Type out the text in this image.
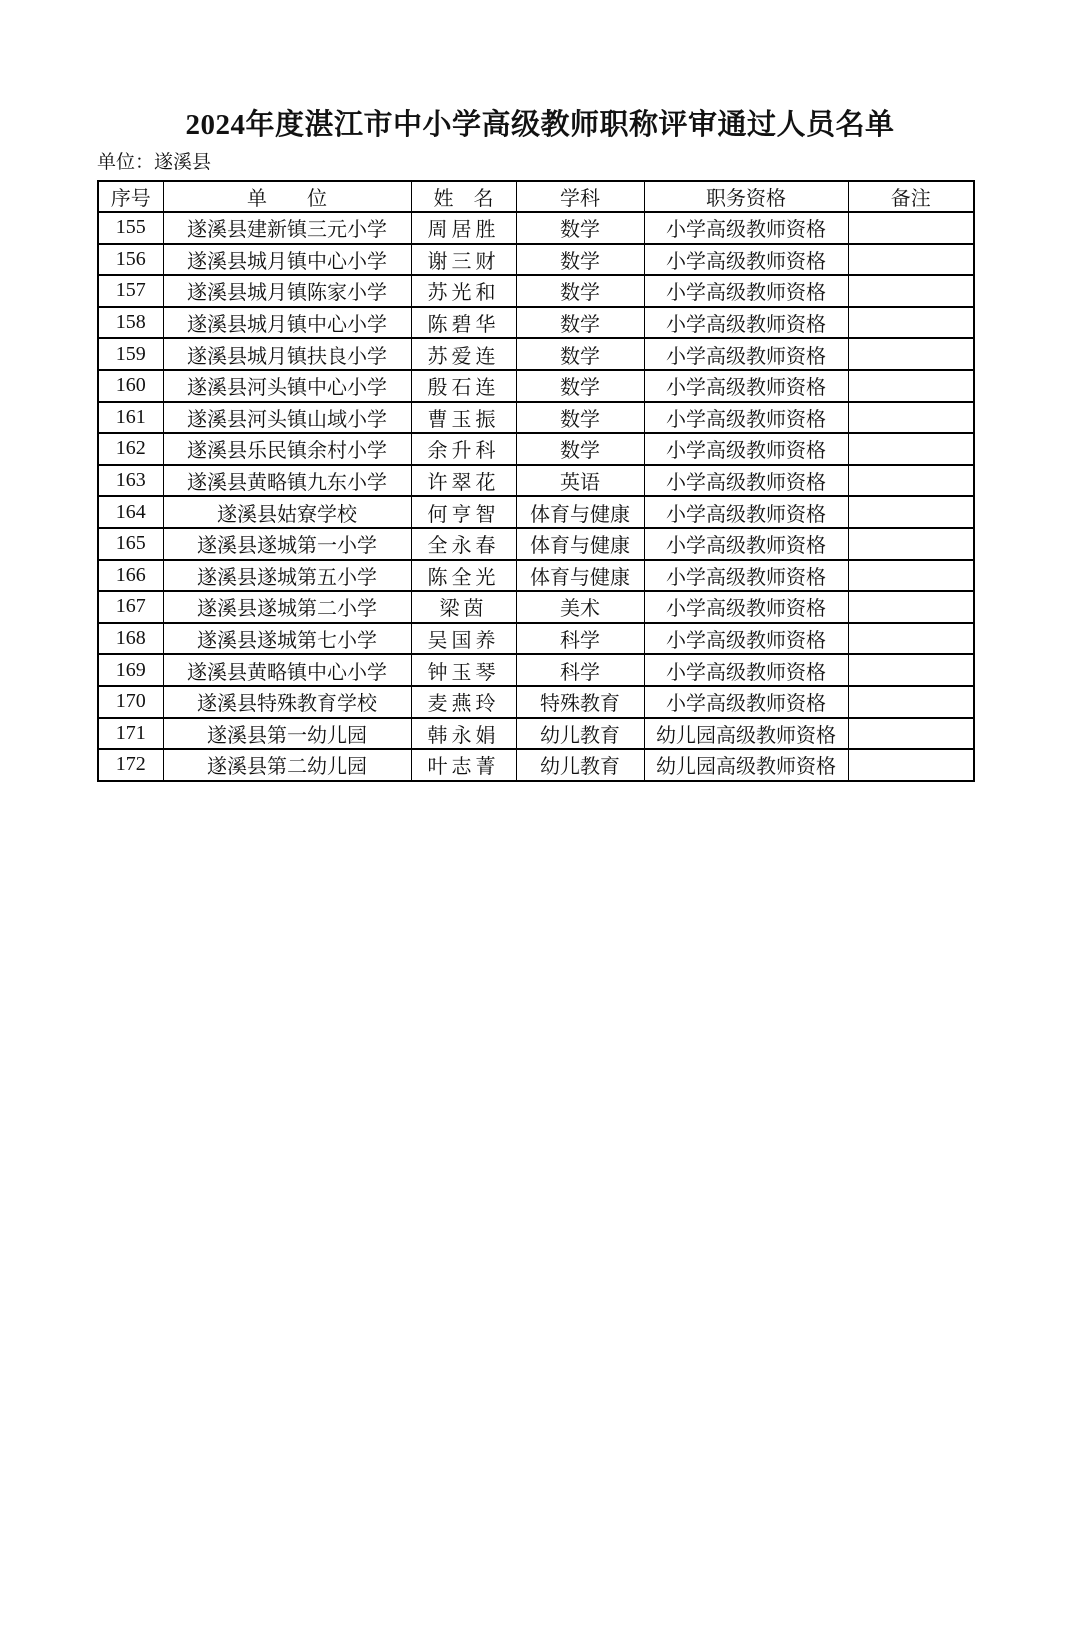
2024年度湛江市中小学高级教师职称评审通过人员名单
单位：遂溪县
序号	单　　位	姓　名	学科	职务资格	备注
155	遂溪县建新镇三元小学	周居胜	数学	小学高级教师资格	
156	遂溪县城月镇中心小学	谢三财	数学	小学高级教师资格	
157	遂溪县城月镇陈家小学	苏光和	数学	小学高级教师资格	
158	遂溪县城月镇中心小学	陈碧华	数学	小学高级教师资格	
159	遂溪县城月镇扶良小学	苏爱连	数学	小学高级教师资格	
160	遂溪县河头镇中心小学	殷石连	数学	小学高级教师资格	
161	遂溪县河头镇山域小学	曹玉振	数学	小学高级教师资格	
162	遂溪县乐民镇余村小学	余升科	数学	小学高级教师资格	
163	遂溪县黄略镇九东小学	许翠花	英语	小学高级教师资格	
164	遂溪县姑寮学校	何亨智	体育与健康	小学高级教师资格	
165	遂溪县遂城第一小学	全永春	体育与健康	小学高级教师资格	
166	遂溪县遂城第五小学	陈全光	体育与健康	小学高级教师资格	
167	遂溪县遂城第二小学	梁茵	美术	小学高级教师资格	
168	遂溪县遂城第七小学	吴国养	科学	小学高级教师资格	
169	遂溪县黄略镇中心小学	钟玉琴	科学	小学高级教师资格	
170	遂溪县特殊教育学校	麦燕玲	特殊教育	小学高级教师资格	
171	遂溪县第一幼儿园	韩永娟	幼儿教育	幼儿园高级教师资格	
172	遂溪县第二幼儿园	叶志菁	幼儿教育	幼儿园高级教师资格	
